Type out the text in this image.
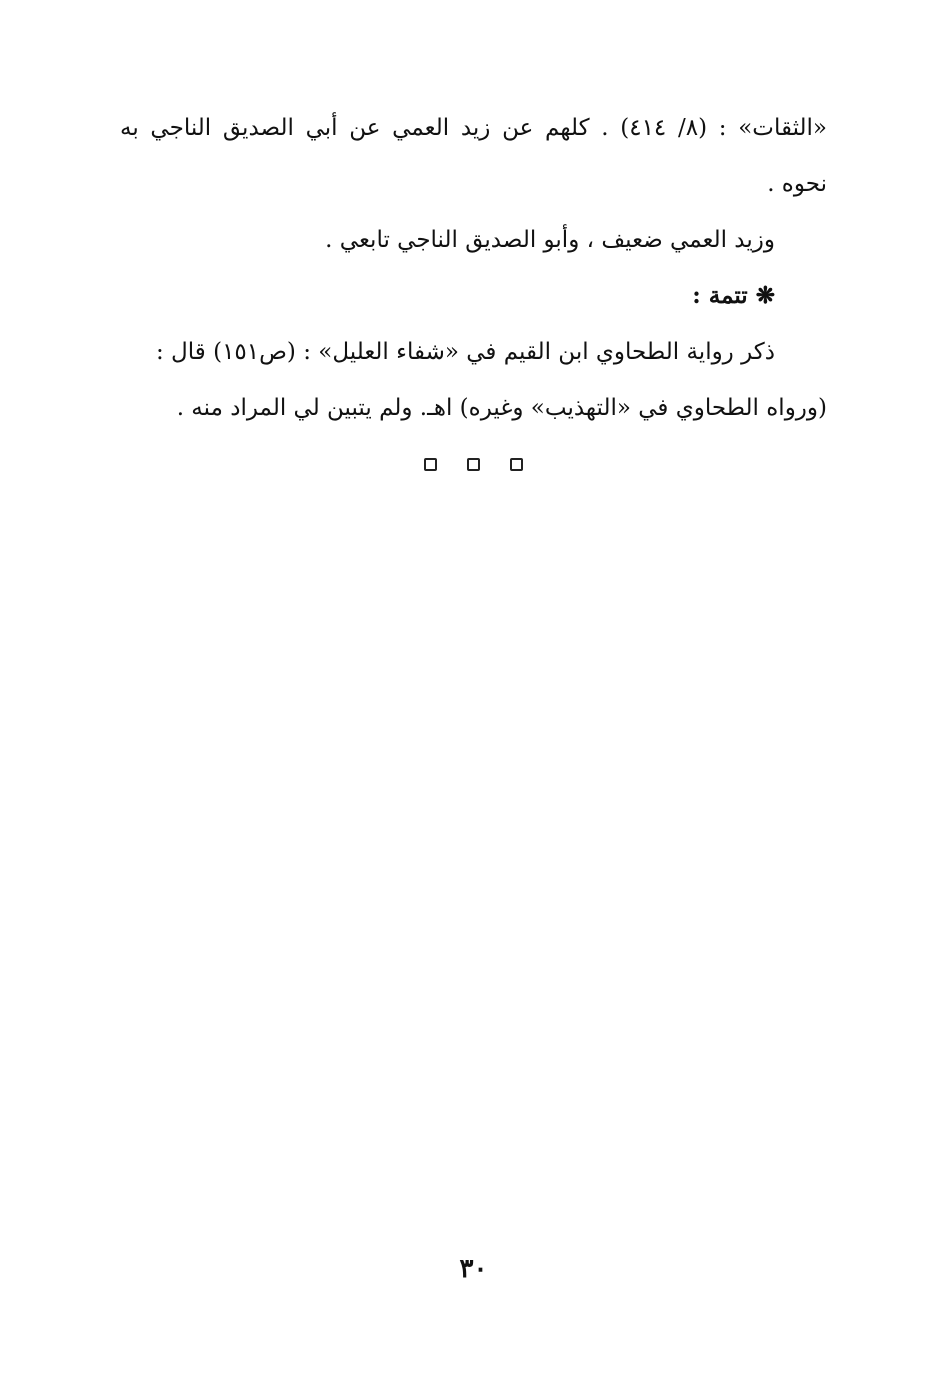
«الثقات» : (٨/ ٤١٤) . كلهم عن زيد العمي عن أبي الصديق الناجي به
نحوه .
وزيد العمي ضعيف ، وأبو الصديق الناجي تابعي .
❋ تتمة :
ذكر رواية الطحاوي ابن القيم في «شفاء العليل» : (ص١٥١) قال :
(ورواه الطحاوي في «التهذيب» وغيره) اهـ. ولم يتبين لي المراد منه .
٣٠
